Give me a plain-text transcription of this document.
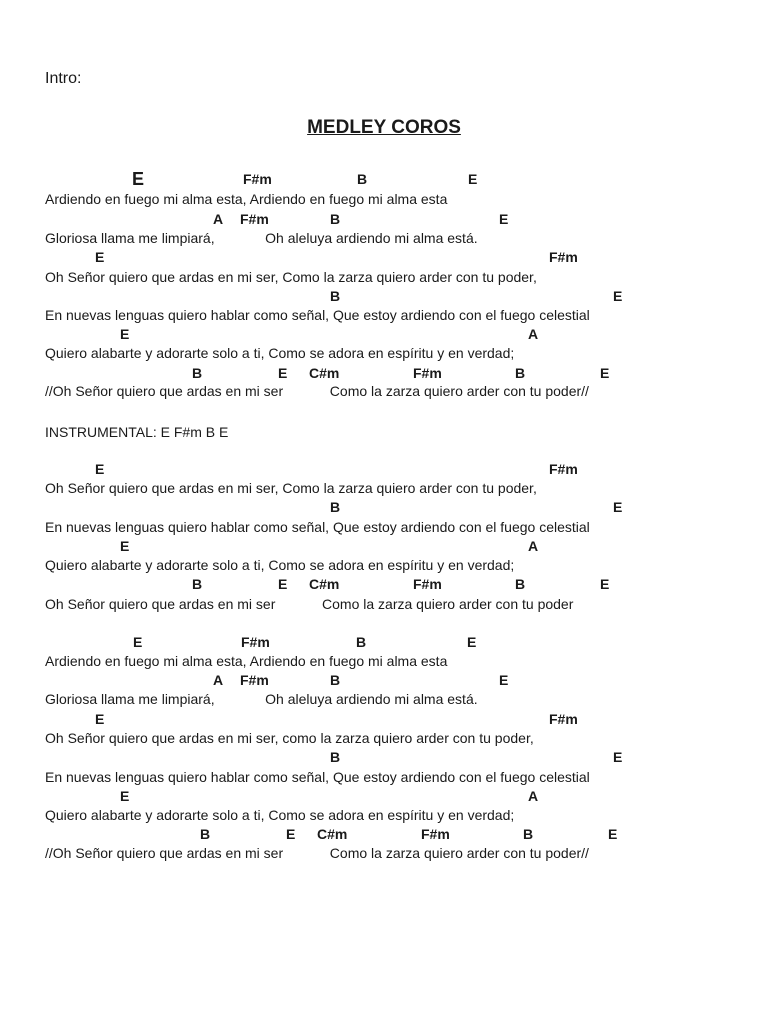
Intro:
MEDLEY COROS
E	F#m	B	E
Ardiendo en fuego mi alma esta, Ardiendo en fuego mi alma esta
A F#m	B	E
Gloriosa llama me limpiará,             Oh aleluya ardiendo mi alma está.
E	F#m
Oh Señor quiero que ardas en mi ser, Como la zarza quiero arder con tu poder,
B	E
En nuevas lenguas quiero hablar como señal, Que estoy ardiendo con el fuego celestial
E	A
Quiero alabarte y adorarte solo a ti, Como se adora en espíritu y en verdad;
B	E C#m	F#m	B	E
//Oh Señor quiero que ardas en mi ser            Como la zarza quiero arder con tu poder//
INSTRUMENTAL: E F#m B E
E	F#m
Oh Señor quiero que ardas en mi ser, Como la zarza quiero arder con tu poder,
B	E
En nuevas lenguas quiero hablar como señal, Que estoy ardiendo con el fuego celestial
E	A
Quiero alabarte y adorarte solo a ti, Como se adora en espíritu y en verdad;
B	E C#m	F#m	B	E
Oh Señor quiero que ardas en mi ser            Como la zarza quiero arder con tu poder
E	F#m	B	E
Ardiendo en fuego mi alma esta, Ardiendo en fuego mi alma esta
A F#m	B	E
Gloriosa llama me limpiará,             Oh aleluya ardiendo mi alma está.
E	F#m
Oh Señor quiero que ardas en mi ser, como la zarza quiero arder con tu poder,
B	E
En nuevas lenguas quiero hablar como señal, Que estoy ardiendo con el fuego celestial
E	A
Quiero alabarte y adorarte solo a ti, Como se adora en espíritu y en verdad;
B	E C#m	F#m	B	E
//Oh Señor quiero que ardas en mi ser            Como la zarza quiero arder con tu poder//
